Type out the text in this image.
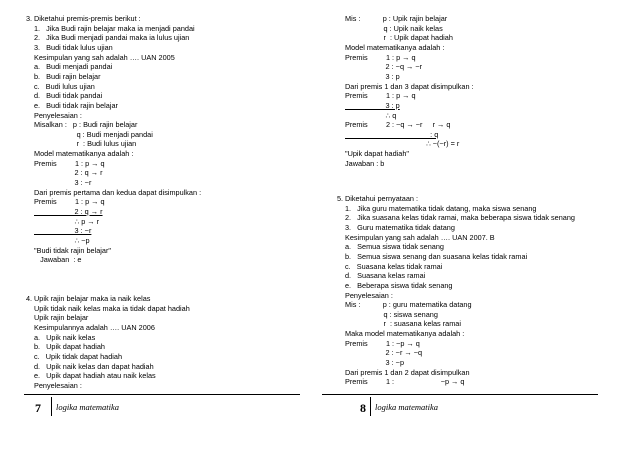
3. Diketahui premis-premis berikut :
1.   Jika Budi rajin belajar maka ia menjadi pandai
2.   Jika Budi menjadi pandai maka ia lulus ujian
3.   Budi tidak lulus ujian
Kesimpulan yang sah adalah …. UAN 2005
a.   Budi menjadi pandai
b.   Budi rajin belajar
c.   Budi lulus ujian
d.   Budi tidak pandai
e.   Budi tidak rajin belajar
Penyelesaian :
Misalkan :   p : Budi rajin belajar
q : Budi menjadi pandai
r  : Budi lulus ujian
Model matematikanya adalah :
Premis         1 : p → q
2 : q → r
3 : ~r
Dari premis pertama dan kedua dapat disimpulkan :
Premis         1 : p → q
2 : q → r
∴ p → r
3 : ~r
∴ ~p
"Budi tidak rajin belajar"
Jawaban  : e
4. Upik rajin belajar maka ia naik kelas
Upik tidak naik kelas maka ia tidak dapat hadiah
Upik rajin belajar
Kesimpulannya adalah …. UAN 2006
a.   Upik naik kelas
b.   Upik dapat hadiah
c.   Upik tidak dapat hadiah
d.   Upik naik kelas dan dapat hadiah
e.   Upik dapat hadiah atau naik kelas
Penyelesaian :
Mis :           p : Upik rajin belajar
q : Upik naik kelas
r  : Upik dapat hadiah
Model matematikanya adalah :
Premis         1 : p → q
2 : ~q → ~r
3 : p
Dari premis 1 dan 3 dapat disimpulkan :
Premis         1 : p → q
3 : p
∴ q
Premis         2 : ~q → ~r     r → q
: q
∴ ~(~r) = r
"Upik dapat hadiah"
Jawaban : b
5. Diketahui pernyataan :
1.   Jika guru matematika tidak datang, maka siswa senang
2.   Jika suasana kelas tidak ramai, maka beberapa siswa tidak senang
3.   Guru matematika tidak datang
Kesimpulan yang sah adalah …. UAN 2007. B
a.   Semua siswa tidak senang
b.   Semua siswa senang dan suasana kelas tidak ramai
c.   Suasana kelas tidak ramai
d.   Suasana kelas ramai
e.   Beberapa siswa tidak senang
Penyelesaian :
Mis :           p : guru matematika datang
q : siswa senang
r  : suasana kelas ramai
Maka model matematikanya adalah :
Premis         1 : ~p → q
2 : ~r → ~q
3 : ~p
Dari premis 1 dan 2 dapat disimpulkan
Premis         1 :                       ~p → q
7 logika matematika	8 logika matematika
